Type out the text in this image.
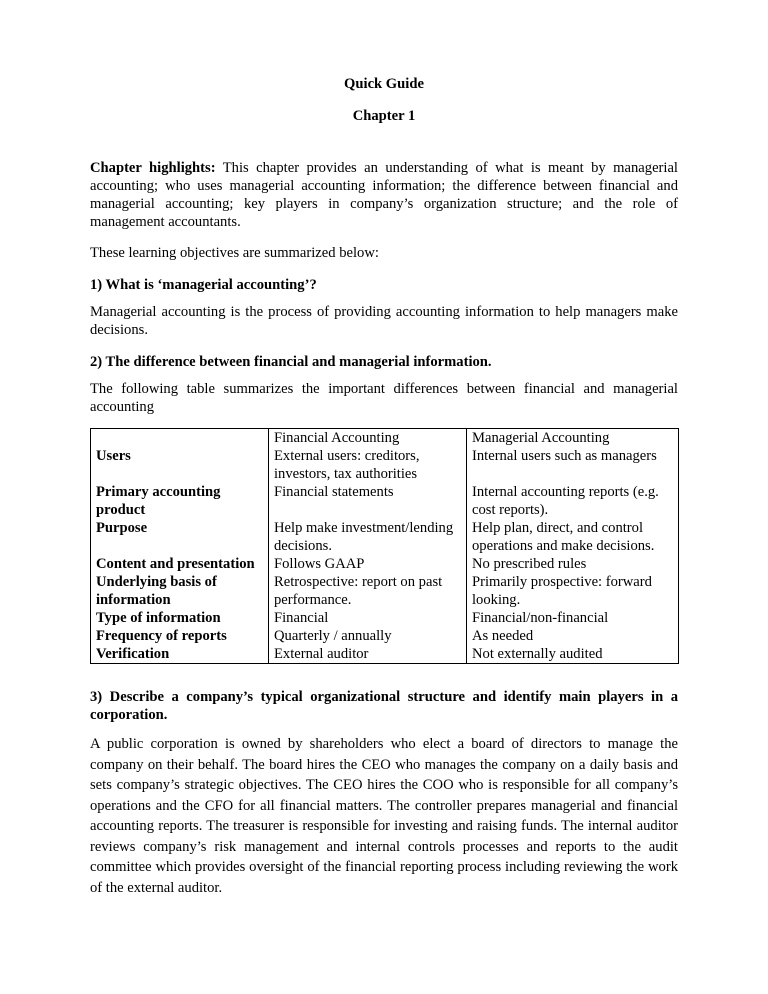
Quick Guide
Chapter 1

Chapter highlights: This chapter provides an understanding of what is meant by managerial accounting; who uses managerial accounting information; the difference between financial and managerial accounting; key players in company’s organization structure; and the role of management accountants.

These learning objectives are summarized below:

1) What is ‘managerial accounting’?

Managerial accounting is the process of providing accounting information to help managers make decisions.

2) The difference between financial and managerial information.

The following table summarizes the important differences between financial and managerial accounting

	Financial Accounting	Managerial Accounting
Users	External users: creditors, investors, tax authorities	Internal users such as managers
Primary accounting product	Financial statements	Internal accounting reports (e.g. cost reports).
Purpose	Help make investment/lending decisions.	Help plan, direct, and control operations and make decisions.
Content and presentation	Follows GAAP	No prescribed rules
Underlying basis of information	Retrospective: report on past performance.	Primarily prospective: forward looking.
Type of information	Financial	Financial/non-financial
Frequency of reports	Quarterly / annually	As needed
Verification	External auditor	Not externally audited

3) Describe a company’s typical organizational structure and identify main players in a corporation.

A public corporation is owned by shareholders who elect a board of directors to manage the company on their behalf. The board hires the CEO who manages the company on a daily basis and sets company’s strategic objectives. The CEO hires the COO who is responsible for all company’s operations and the CFO for all financial matters. The controller prepares managerial and financial accounting reports. The treasurer is responsible for investing and raising funds. The internal auditor reviews company’s risk management and internal controls processes and reports to the audit committee which provides oversight of the financial reporting process including reviewing the work of the external auditor.
